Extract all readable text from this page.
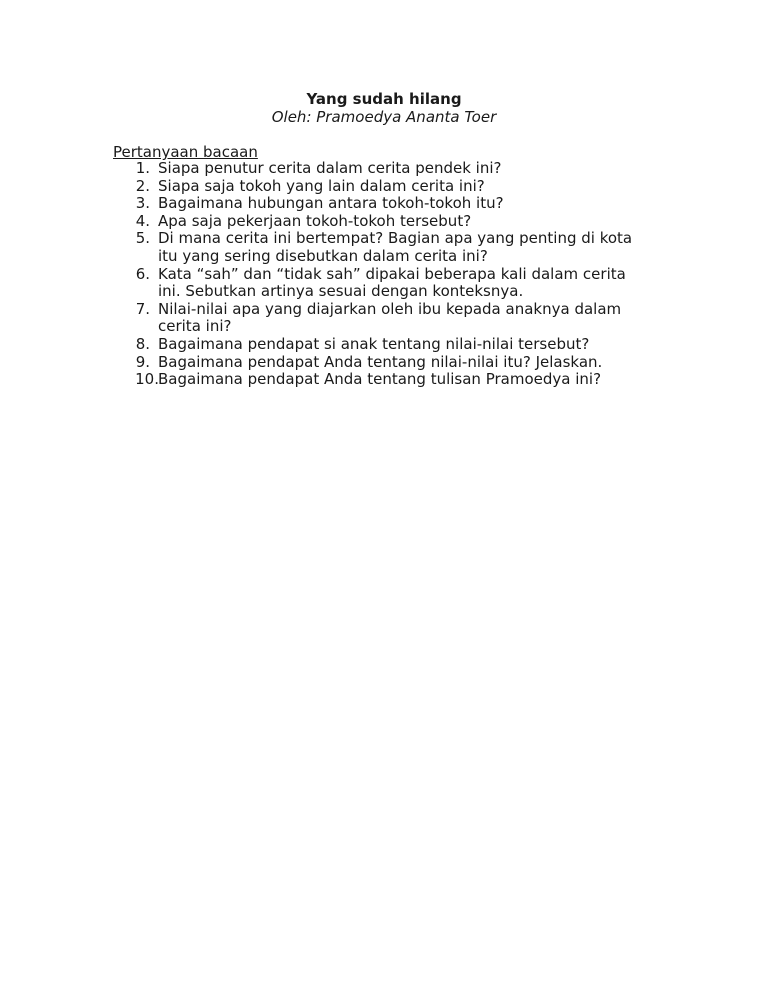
Yang sudah hilang
Oleh: Pramoedya Ananta Toer
Pertanyaan bacaan
1. Siapa penutur cerita dalam cerita pendek ini?
2. Siapa saja tokoh yang lain dalam cerita ini?
3. Bagaimana hubungan antara tokoh-tokoh itu?
4. Apa saja pekerjaan tokoh-tokoh tersebut?
5. Di mana cerita ini bertempat? Bagian apa yang penting di kota itu yang sering disebutkan dalam cerita ini?
6. Kata “sah” dan “tidak sah” dipakai beberapa kali dalam cerita ini. Sebutkan artinya sesuai dengan konteksnya.
7. Nilai-nilai apa yang diajarkan oleh ibu kepada anaknya dalam cerita ini?
8. Bagaimana pendapat si anak tentang nilai-nilai tersebut?
9. Bagaimana pendapat Anda tentang nilai-nilai itu? Jelaskan.
10. Bagaimana pendapat Anda tentang tulisan Pramoedya ini?
